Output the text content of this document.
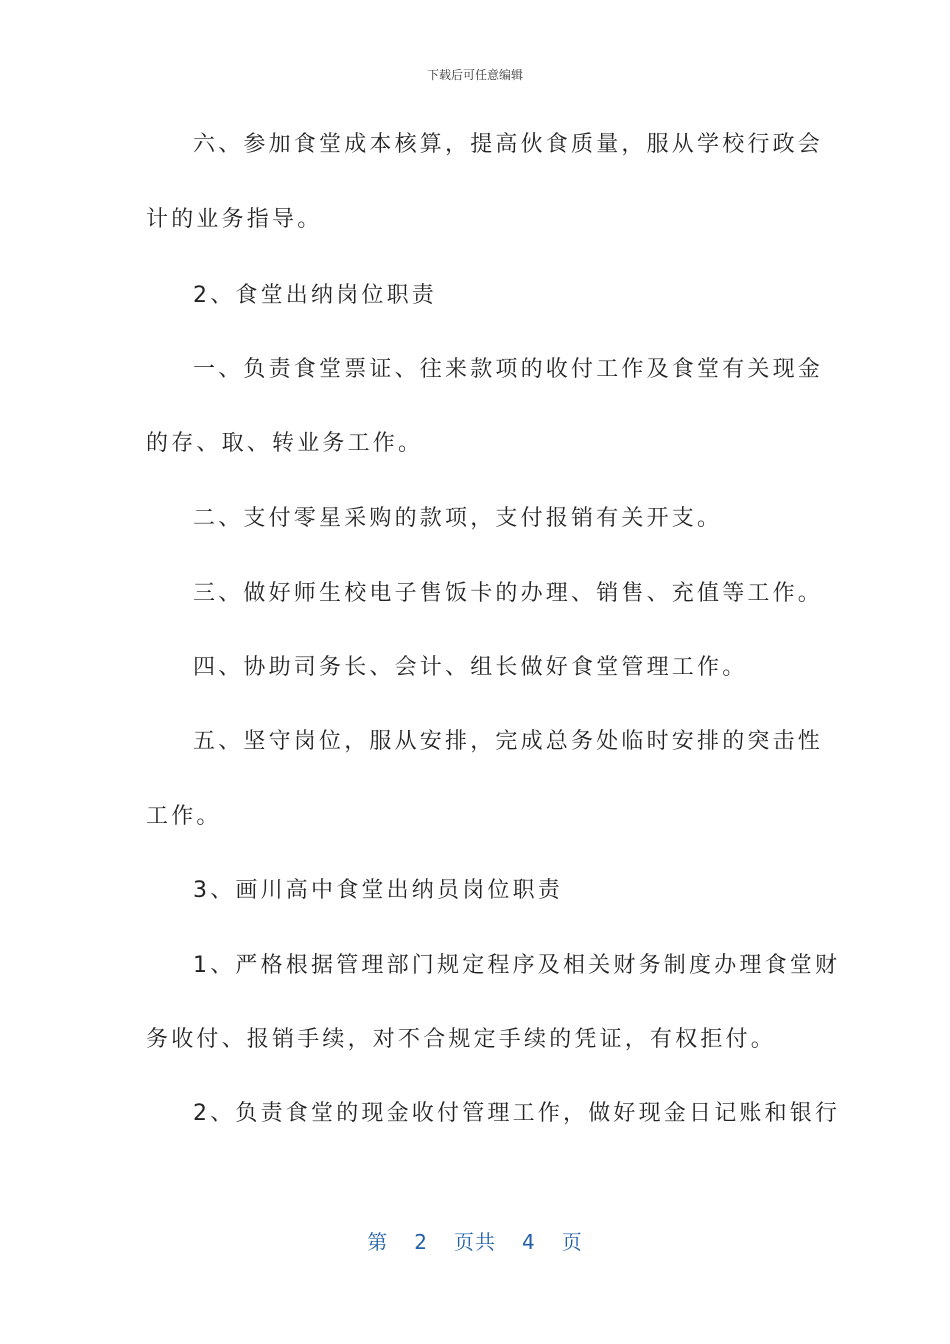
下载后可任意编辑
六、参加食堂成本核算，提高伙食质量，服从学校行政会
计的业务指导。
2、食堂出纳岗位职责
一、负责食堂票证、往来款项的收付工作及食堂有关现金
的存、取、转业务工作。
二、支付零星采购的款项，支付报销有关开支。
三、做好师生校电子售饭卡的办理、销售、充值等工作。
四、协助司务长、会计、组长做好食堂管理工作。
五、坚守岗位，服从安排，完成总务处临时安排的突击性
工作。
3、画川高中食堂出纳员岗位职责
1、严格根据管理部门规定程序及相关财务制度办理食堂财
务收付、报销手续，对不合规定手续的凭证，有权拒付。
2、负责食堂的现金收付管理工作，做好现金日记账和银行
第 2 页共 4 页
